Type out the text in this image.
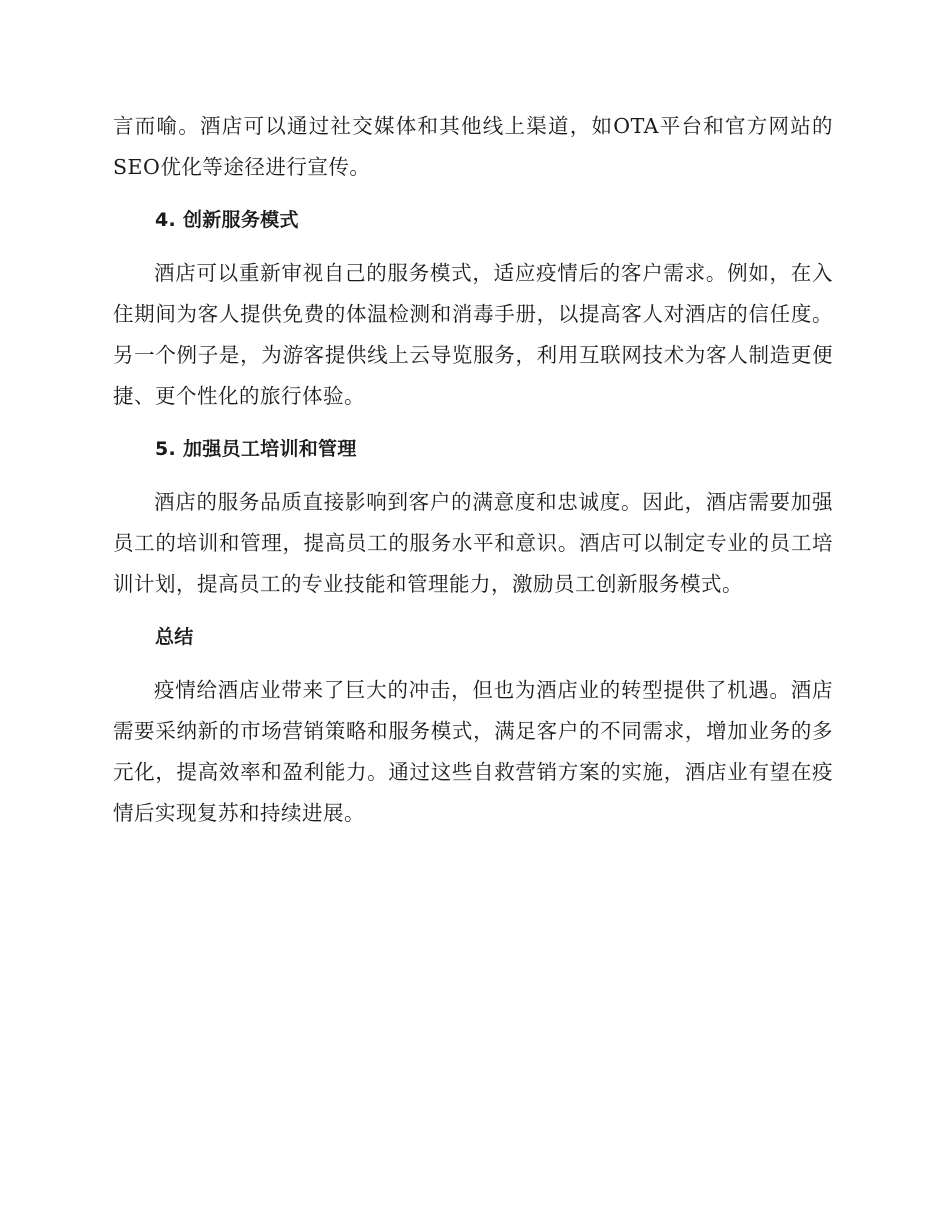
言而喻。酒店可以通过社交媒体和其他线上渠道，如OTA平台和官方网站的SEO优化等途径进行宣传。

4. 创新服务模式

酒店可以重新审视自己的服务模式，适应疫情后的客户需求。例如，在入住期间为客人提供免费的体温检测和消毒手册，以提高客人对酒店的信任度。另一个例子是，为游客提供线上云导览服务，利用互联网技术为客人制造更便捷、更个性化的旅行体验。

5. 加强员工培训和管理

酒店的服务品质直接影响到客户的满意度和忠诚度。因此，酒店需要加强员工的培训和管理，提高员工的服务水平和意识。酒店可以制定专业的员工培训计划，提高员工的专业技能和管理能力，激励员工创新服务模式。

总结

疫情给酒店业带来了巨大的冲击，但也为酒店业的转型提供了机遇。酒店需要采纳新的市场营销策略和服务模式，满足客户的不同需求，增加业务的多元化，提高效率和盈利能力。通过这些自救营销方案的实施，酒店业有望在疫情后实现复苏和持续进展。
